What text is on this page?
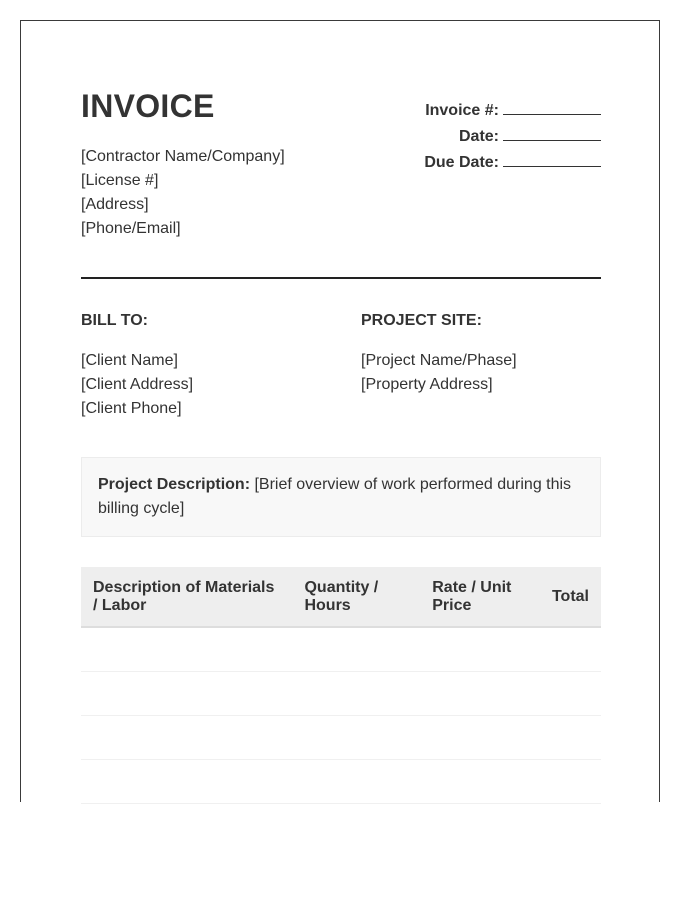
INVOICE
[Contractor Name/Company]
[License #]
[Address]
[Phone/Email]
Invoice #:
Date:
Due Date:
BILL TO:
[Client Name]
[Client Address]
[Client Phone]
PROJECT SITE:
[Project Name/Phase]
[Property Address]
Project Description: [Brief overview of work performed during this billing cycle]
Description of Materials / Labor	Quantity / Hours	Rate / Unit Price	Total
